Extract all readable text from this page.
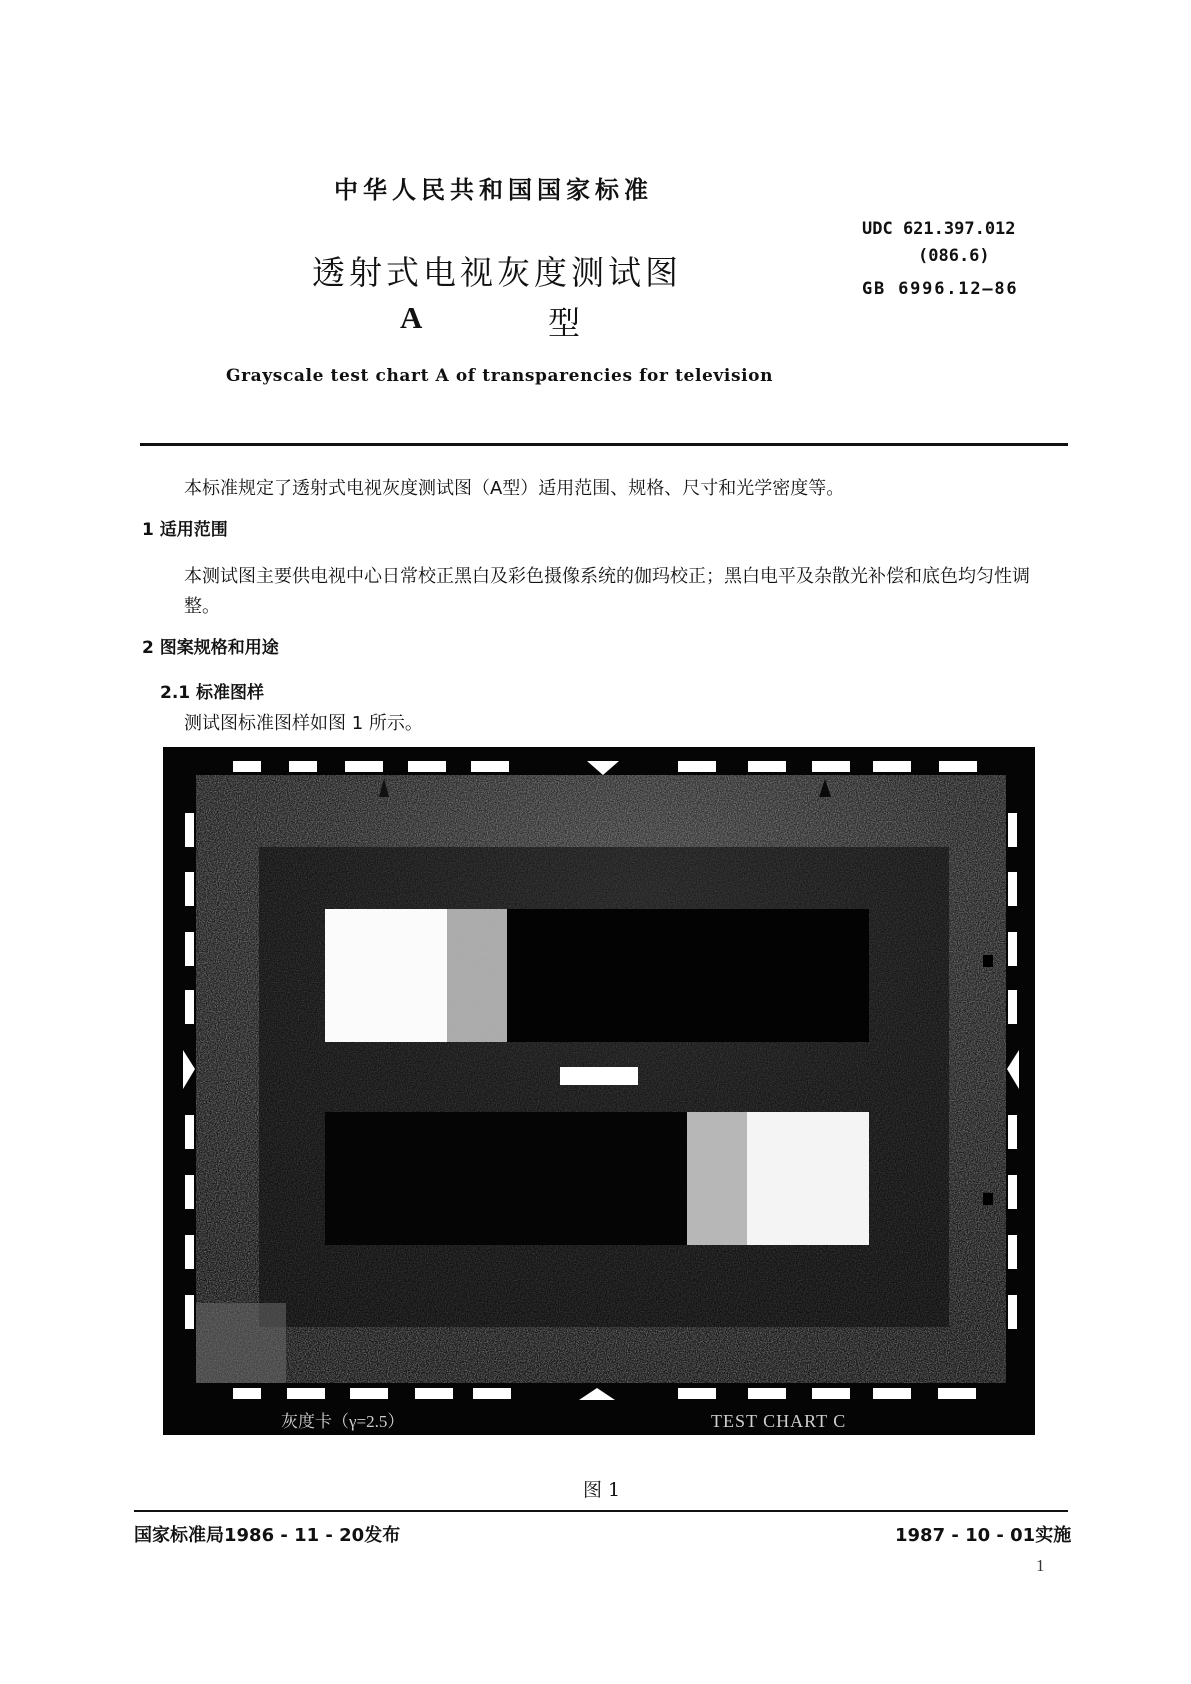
中华人民共和国国家标准
透射式电视灰度测试图
A	型
Grayscale test chart A of transparencies for television
UDC 621.397.012
(086.6)
GB 6996.12—86
本标准规定了透射式电视灰度测试图（A型）适用范围、规格、尺寸和光学密度等。
1 适用范围
本测试图主要供电视中心日常校正黑白及彩色摄像系统的伽玛校正；黑白电平及杂散光补偿和底色均匀性调整。
2 图案规格和用途
2.1 标准图样
测试图标准图样如图 1 所示。
灰度卡（γ=2.5）	TEST CHART C
图 1
国家标准局1986 - 11 - 20发布	1987 - 10 - 01实施
1
